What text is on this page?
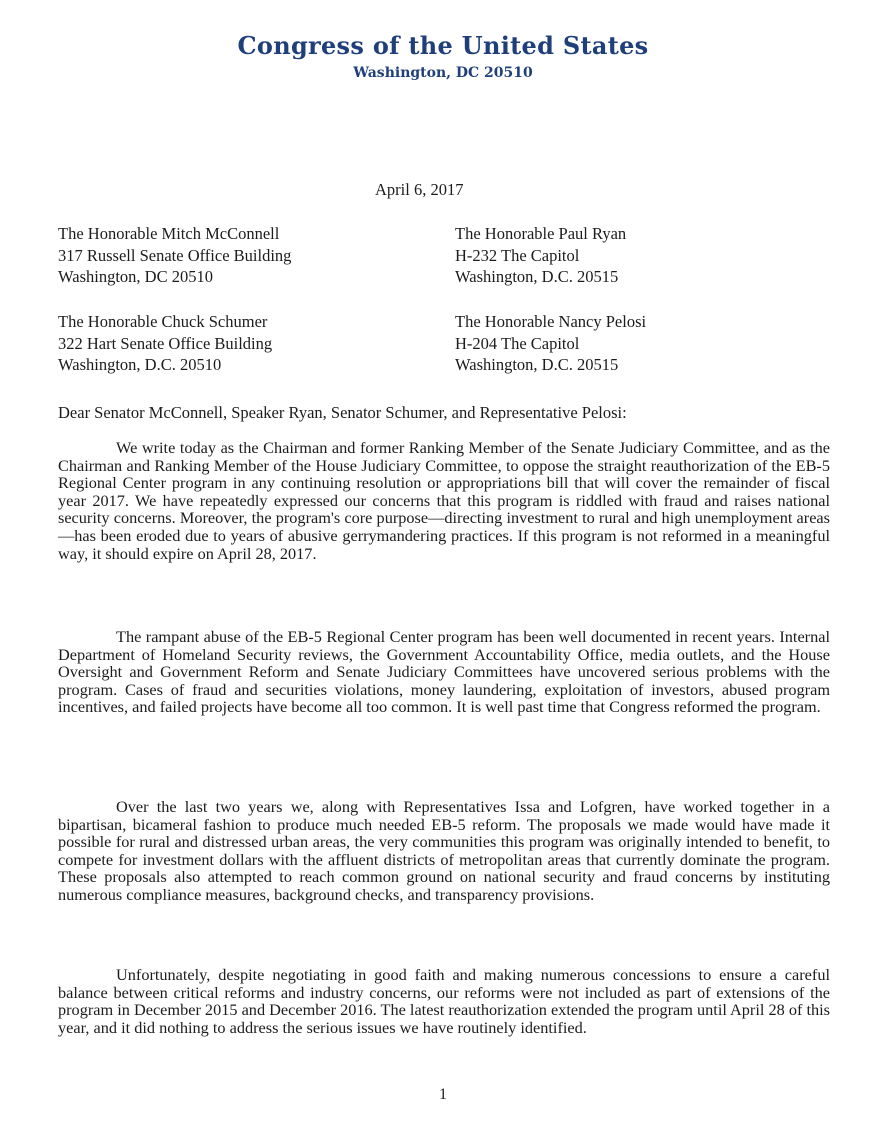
Congress of the United States
Washington, DC 20510
April 6, 2017
The Honorable Mitch McConnell
317 Russell Senate Office Building
Washington, DC 20510
The Honorable Paul Ryan
H-232 The Capitol
Washington, D.C. 20515
The Honorable Chuck Schumer
322 Hart Senate Office Building
Washington, D.C. 20510
The Honorable Nancy Pelosi
H-204 The Capitol
Washington, D.C. 20515
Dear Senator McConnell, Speaker Ryan, Senator Schumer, and Representative Pelosi:

We write today as the Chairman and former Ranking Member of the Senate Judiciary Committee, and as the Chairman and Ranking Member of the House Judiciary Committee, to oppose the straight reauthorization of the EB-5 Regional Center program in any continuing resolution or appropriations bill that will cover the remainder of fiscal year 2017. We have repeatedly expressed our concerns that this program is riddled with fraud and raises national security concerns. Moreover, the program's core purpose—directing investment to rural and high unemployment areas—has been eroded due to years of abusive gerrymandering practices. If this program is not reformed in a meaningful way, it should expire on April 28, 2017.

The rampant abuse of the EB-5 Regional Center program has been well documented in recent years. Internal Department of Homeland Security reviews, the Government Accountability Office, media outlets, and the House Oversight and Government Reform and Senate Judiciary Committees have uncovered serious problems with the program. Cases of fraud and securities violations, money laundering, exploitation of investors, abused program incentives, and failed projects have become all too common. It is well past time that Congress reformed the program.

Over the last two years we, along with Representatives Issa and Lofgren, have worked together in a bipartisan, bicameral fashion to produce much needed EB-5 reform. The proposals we made would have made it possible for rural and distressed urban areas, the very communities this program was originally intended to benefit, to compete for investment dollars with the affluent districts of metropolitan areas that currently dominate the program. These proposals also attempted to reach common ground on national security and fraud concerns by instituting numerous compliance measures, background checks, and transparency provisions.

Unfortunately, despite negotiating in good faith and making numerous concessions to ensure a careful balance between critical reforms and industry concerns, our reforms were not included as part of extensions of the program in December 2015 and December 2016. The latest reauthorization extended the program until April 28 of this year, and it did nothing to address the serious issues we have routinely identified.

1
